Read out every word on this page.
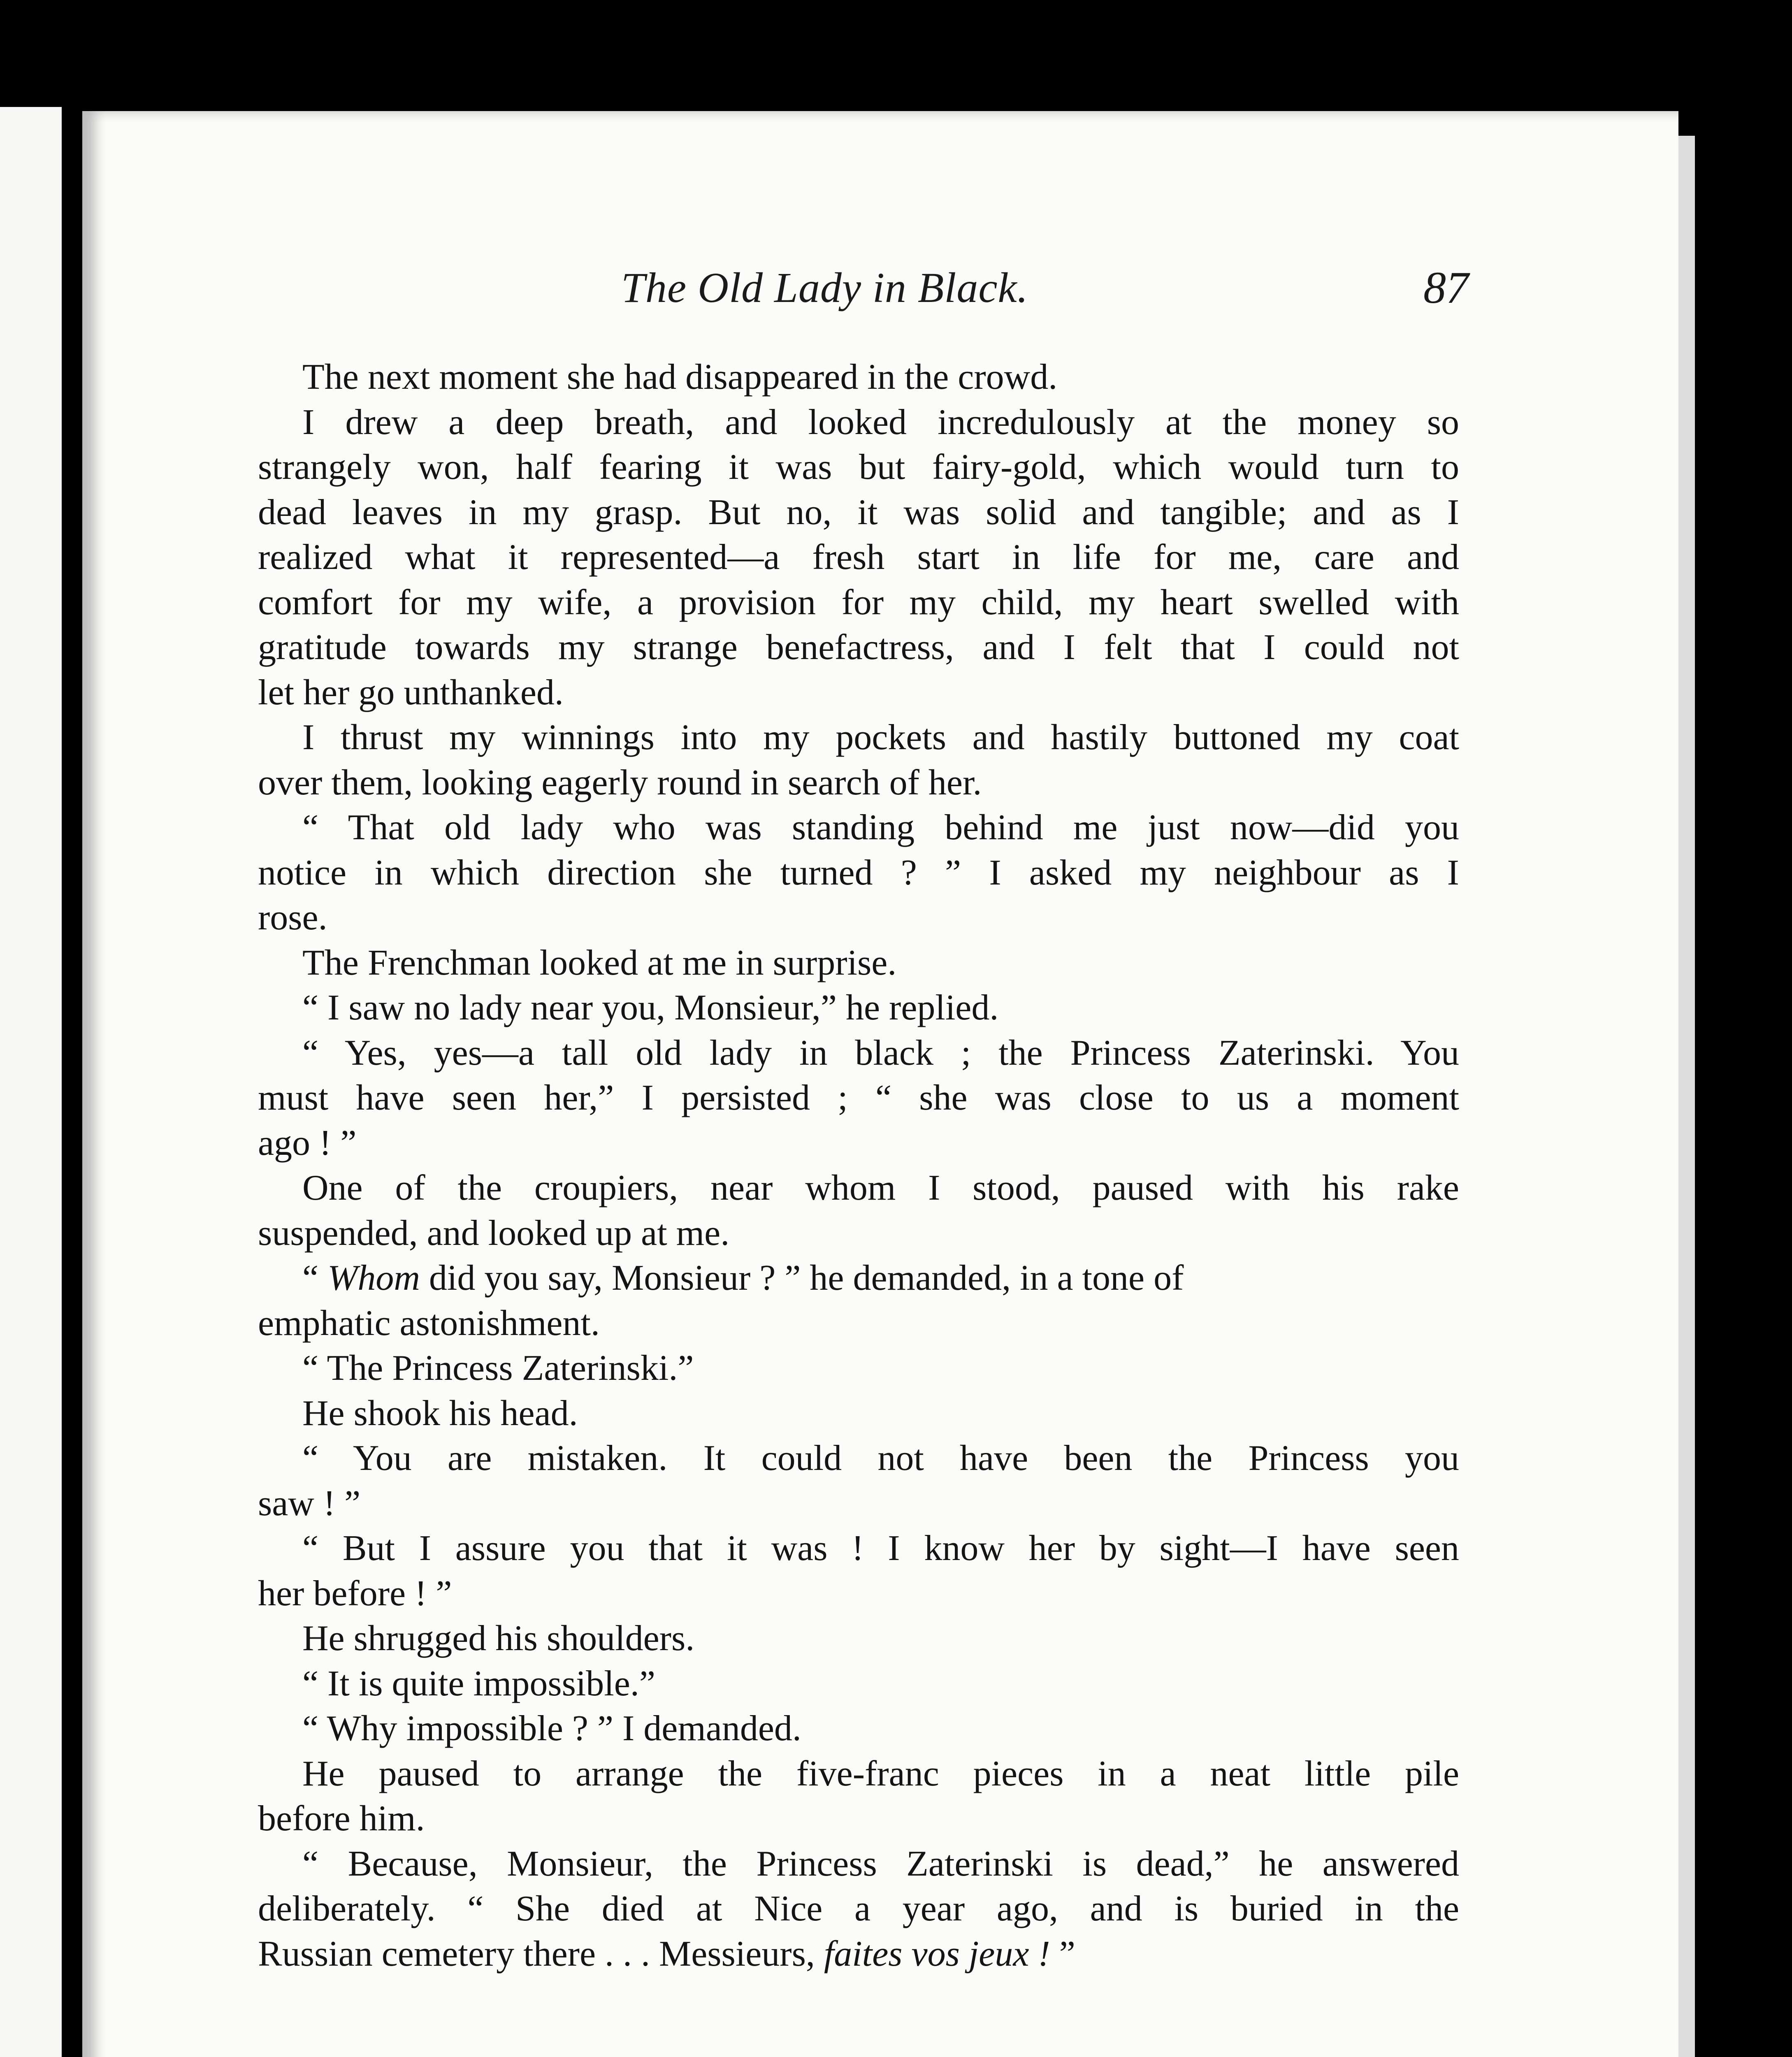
The Old Lady in Black.	87
The next moment she had disappeared in the crowd.
I drew a deep breath, and looked incredulously at the money so
strangely won, half fearing it was but fairy-gold, which would turn to
dead leaves in my grasp. But no, it was solid and tangible; and as I
realized what it represented—a fresh start in life for me, care and
comfort for my wife, a provision for my child, my heart swelled with
gratitude towards my strange benefactress, and I felt that I could not
let her go unthanked.
I thrust my winnings into my pockets and hastily buttoned my coat
over them, looking eagerly round in search of her.
“ That old lady who was standing behind me just now—did you
notice in which direction she turned ? ” I asked my neighbour as I
rose.
The Frenchman looked at me in surprise.
“ I saw no lady near you, Monsieur,” he replied.
“ Yes, yes—a tall old lady in black ; the Princess Zaterinski. You
must have seen her,” I persisted ; “ she was close to us a moment
ago ! ”
One of the croupiers, near whom I stood, paused with his rake
suspended, and looked up at me.
“ Whom did you say, Monsieur ? ” he demanded, in a tone of
emphatic astonishment.
“ The Princess Zaterinski.”
He shook his head.
“ You are mistaken. It could not have been the Princess you
saw ! ”
“ But I assure you that it was ! I know her by sight—I have seen
her before ! ”
He shrugged his shoulders.
“ It is quite impossible.”
“ Why impossible ? ” I demanded.
He paused to arrange the five-franc pieces in a neat little pile
before him.
“ Because, Monsieur, the Princess Zaterinski is dead,” he answered
deliberately. “ She died at Nice a year ago, and is buried in the
Russian cemetery there . . . Messieurs, faites vos jeux ! ”
